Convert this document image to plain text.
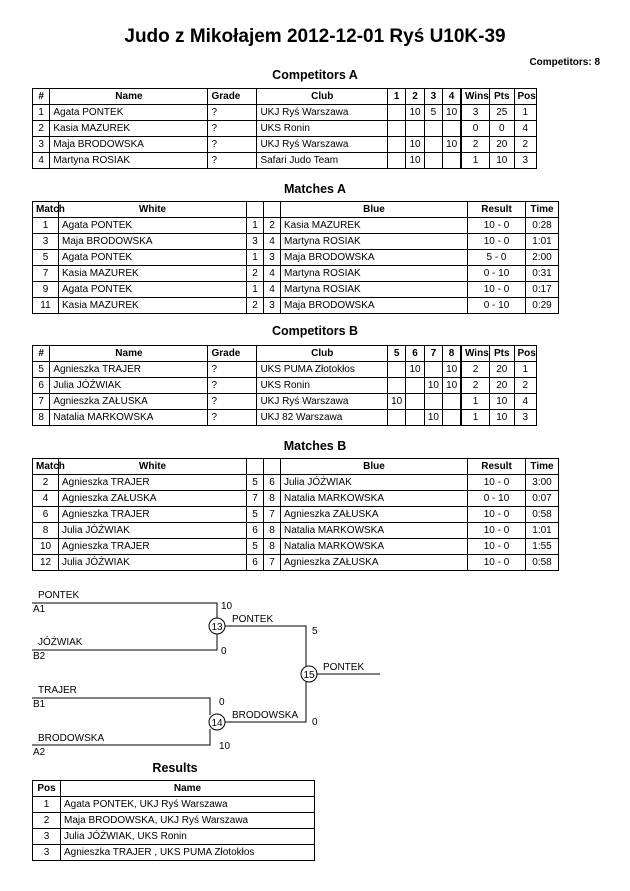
Judo z Mikołajem 2012-12-01 Ryś U10K-39
Competitors: 8
Competitors A
#	Name	Grade	Club	1	2	3	4	Wins	Pts	Pos
1	Agata PONTEK	?	UKJ Ryś Warszawa		10	5	10	3	25	1
2	Kasia MAZUREK	?	UKS Ronin					0	0	4
3	Maja BRODOWSKA	?	UKJ Ryś Warszawa		10		10	2	20	2
4	Martyna ROSIAK	?	Safari Judo Team		10			1	10	3
Matches A
Match	White			Blue	Result	Time
1	Agata PONTEK	1	2	Kasia MAZUREK	10 - 0	0:28
3	Maja BRODOWSKA	3	4	Martyna ROSIAK	10 - 0	1:01
5	Agata PONTEK	1	3	Maja BRODOWSKA	5 - 0	2:00
7	Kasia MAZUREK	2	4	Martyna ROSIAK	0 - 10	0:31
9	Agata PONTEK	1	4	Martyna ROSIAK	10 - 0	0:17
11	Kasia MAZUREK	2	3	Maja BRODOWSKA	0 - 10	0:29
Competitors B
#	Name	Grade	Club	5	6	7	8	Wins	Pts	Pos
5	Agnieszka TRAJER	?	UKS PUMA Złotokłos		10		10	2	20	1
6	Julia JÓŹWIAK	?	UKS Ronin			10	10	2	20	2
7	Agnieszka ZAŁUSKA	?	UKJ Ryś Warszawa	10				1	10	4
8	Natalia MARKOWSKA	?	UKJ 82 Warszawa			10		1	10	3
Matches B
Match	White			Blue	Result	Time
2	Agnieszka TRAJER	5	6	Julia JÓŹWIAK	10 - 0	3:00
4	Agnieszka ZAŁUSKA	7	8	Natalia MARKOWSKA	0 - 10	0:07
6	Agnieszka TRAJER	5	7	Agnieszka ZAŁUSKA	10 - 0	0:58
8	Julia JÓŹWIAK	6	8	Natalia MARKOWSKA	10 - 0	1:01
10	Agnieszka TRAJER	5	8	Natalia MARKOWSKA	10 - 0	1:55
12	Julia JÓŹWIAK	6	7	Agnieszka ZAŁUSKA	10 - 0	0:58
PONTEK
A1	10
JÓŹWIAK
B2	0
13
PONTEK
5
TRAJER
B1	0
BRODOWSKA
A2
10
14
BRODOWSKA
0
15
PONTEK
Results
Pos	Name
1	Agata PONTEK, UKJ Ryś Warszawa
2	Maja BRODOWSKA, UKJ Ryś Warszawa
3	Julia JÓŹWIAK, UKS Ronin
3	Agnieszka TRAJER , UKS PUMA Złotokłos
